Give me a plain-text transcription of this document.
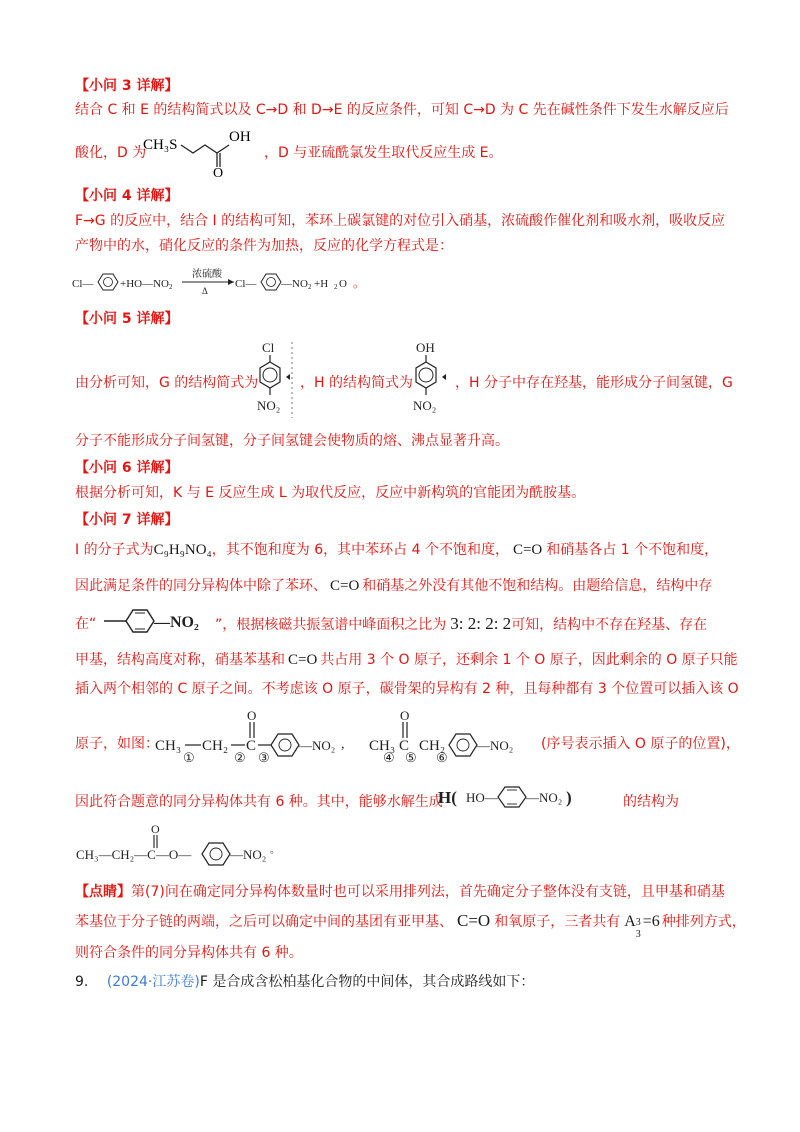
【小问 3 详解】
结合 C 和 E 的结构简式以及 C→D 和 D→E 的反应条件，可知 C→D 为 C 先在碱性条件下发生水解反应后
酸化，D 为
CH₃S
O
OH
，D 与亚硫酰氯发生取代反应生成 E。
【小问 4 详解】
F→G 的反应中，结合 I 的结构可知，苯环上碳氯键的对位引入硝基，浓硫酸作催化剂和吸水剂，吸收反应
产物中的水，硝化反应的条件为加热，反应的化学方程式是：
Cl— +HO—NO 2
浓硫酸
Δ
Cl— —NO 2 +H 2 O 。
【小问 5 详解】
由分析可知，G 的结构简式为
Cl
NO₂
，H 的结构简式为
OH
NO₂
，H 分子中存在羟基，能形成分子间氢键，G
分子不能形成分子间氢键，分子间氢键会使物质的熔、沸点显著升高。
【小问 6 详解】
根据分析可知，K 与 E 反应生成 L 为取代反应，反应中新构筑的官能团为酰胺基。
【小问 7 详解】
I 的分子式为C₉H₉NO₄，其不饱和度为 6，其中苯环占 4 个不饱和度， C=O 和硝基各占 1 个不饱和度，
因此满足条件的同分异构体中除了苯环、 C=O 和硝基之外没有其他不饱和结构。由题给信息，结构中存
在“	—NO₂ ”，根据核磁共振氢谱中峰面积之比为 3: 2: 2: 2可知，结构中不存在羟基、存在
甲基，结构高度对称，硝基苯基和 C=O 共占用 3 个 O 原子，还剩余 1 个 O 原子，因此剩余的 O 原子只能
插入两个相邻的 C 原子之间。不考虑该 O 原子，碳骨架的异构有 2 种，且每种都有 3 个位置可以插入该 O
原子，如图：
CH₃ CH₂ C
O
—NO₂
①	② ③
, CH₃ C
O
CH₂ —NO₂
④ ⑤ ⑥
(序号表示插入 O 原子的位置)，
因此符合题意的同分异构体共有 6 种。其中，能够水解生成
H( HO— —NO₂ )	的结构为
CH₃—CH₂—C—O—
O
—NO₂ 。
【点睛】第(7)问在确定同分异构体数量时也可以采用排列法，首先确定分子整体没有支链，且甲基和硝基
苯基位于分子链的两端，之后可以确定中间的基团有亚甲基、 C=O 和氧原子，三者共有 A 3
3
=6 种排列方式，
则符合条件的同分异构体共有 6 种。
9. (2024·江苏卷)F 是合成含松柏基化合物的中间体，其合成路线如下：
